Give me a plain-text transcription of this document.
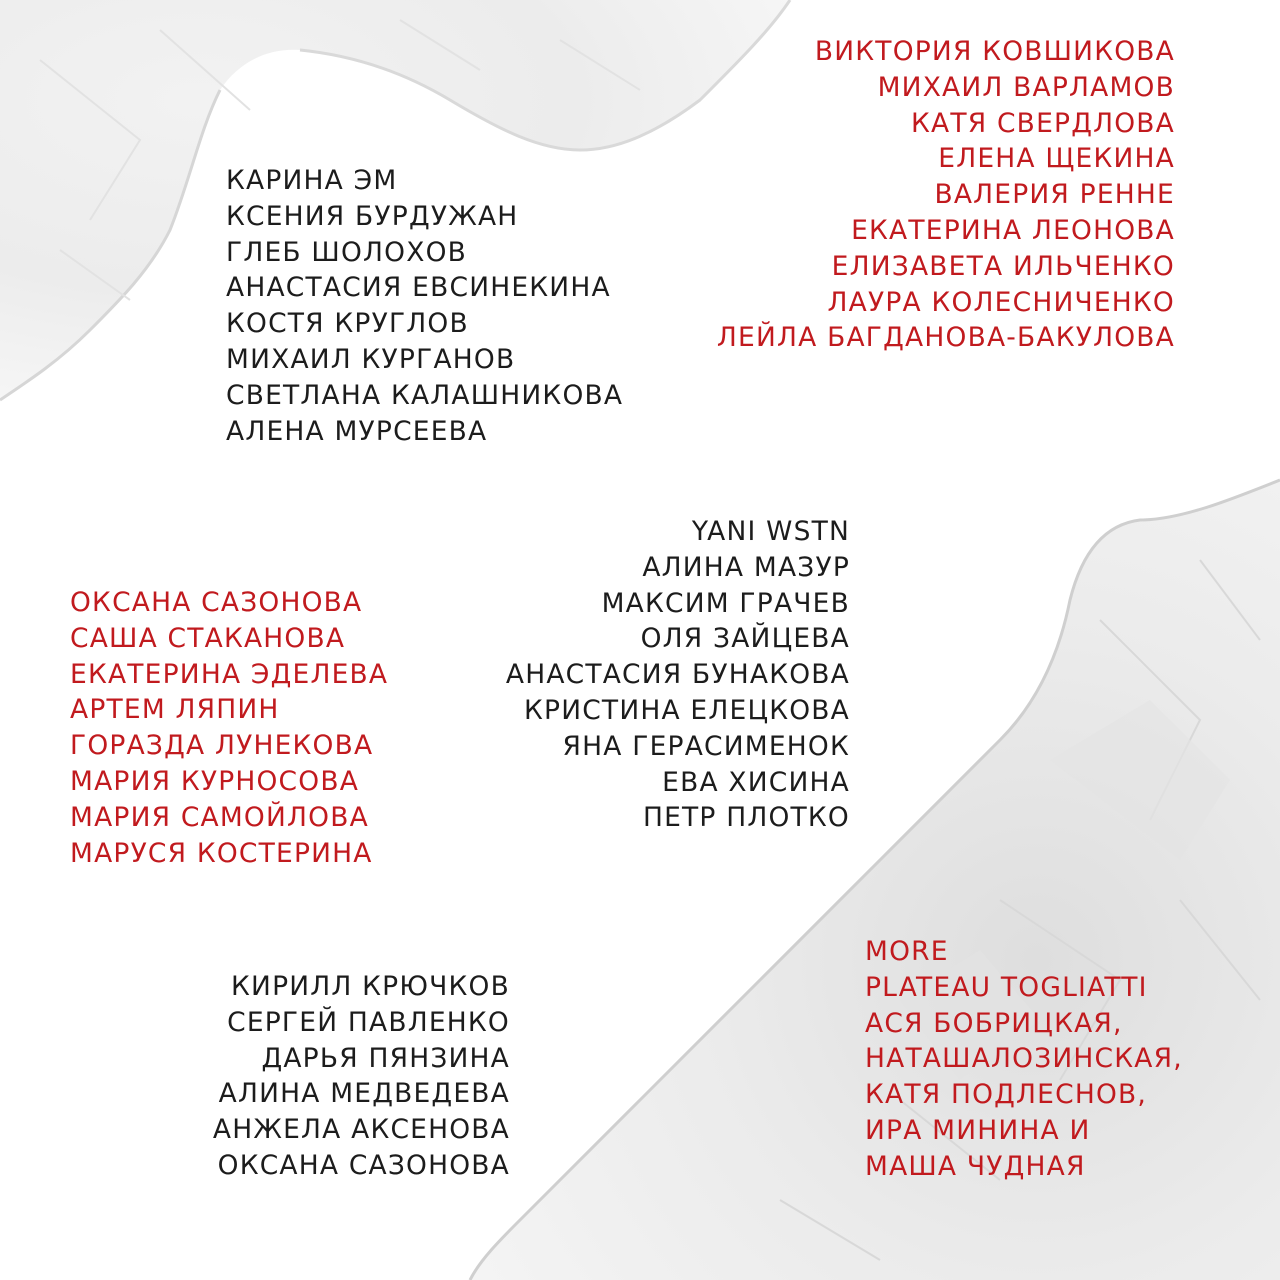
КАРИНА ЭМ
КСЕНИЯ БУРДУЖАН
ГЛЕБ ШОЛОХОВ
АНАСТАСИЯ ЕВСИНЕКИНА
КОСТЯ КРУГЛОВ
МИХАИЛ КУРГАНОВ
СВЕТЛАНА КАЛАШНИКОВА
АЛЕНА МУРСЕЕВА
ВИКТОРИЯ КОВШИКОВА
МИХАИЛ ВАРЛАМОВ
КАТЯ СВЕРДЛОВА
ЕЛЕНА ЩЕКИНА
ВАЛЕРИЯ РЕННЕ
ЕКАТЕРИНА ЛЕОНОВА
ЕЛИЗАВЕТА ИЛЬЧЕНКО
ЛАУРА КОЛЕСНИЧЕНКО
ЛЕЙЛА БАГДАНОВА-БАКУЛОВА
ОКСАНА САЗОНОВА
САША СТАКАНОВА
ЕКАТЕРИНА ЭДЕЛЕВА
АРТЕМ ЛЯПИН
ГОРАЗДА ЛУНЕКОВА
МАРИЯ КУРНОСОВА
МАРИЯ САМОЙЛОВА
МАРУСЯ КОСТЕРИНА
YANI WSTN
АЛИНА МАЗУР
МАКСИМ ГРАЧЕВ
ОЛЯ ЗАЙЦЕВА
АНАСТАСИЯ БУНАКОВА
КРИСТИНА ЕЛЕЦКОВА
ЯНА ГЕРАСИМЕНОК
ЕВА ХИСИНА
ПЕТР ПЛОТКО
КИРИЛЛ КРЮЧКОВ
СЕРГЕЙ ПАВЛЕНКО
ДАРЬЯ ПЯНЗИНА
АЛИНА МЕДВЕДЕВА
АНЖЕЛА АКСЕНОВА
ОКСАНА САЗОНОВА
MORE
PLATEAU TOGLIATTI
АСЯ БОБРИЦКАЯ,
НАТАШАЛОЗИНСКАЯ,
КАТЯ ПОДЛЕСНОВ,
ИРА МИНИНА И
МАША ЧУДНАЯ
